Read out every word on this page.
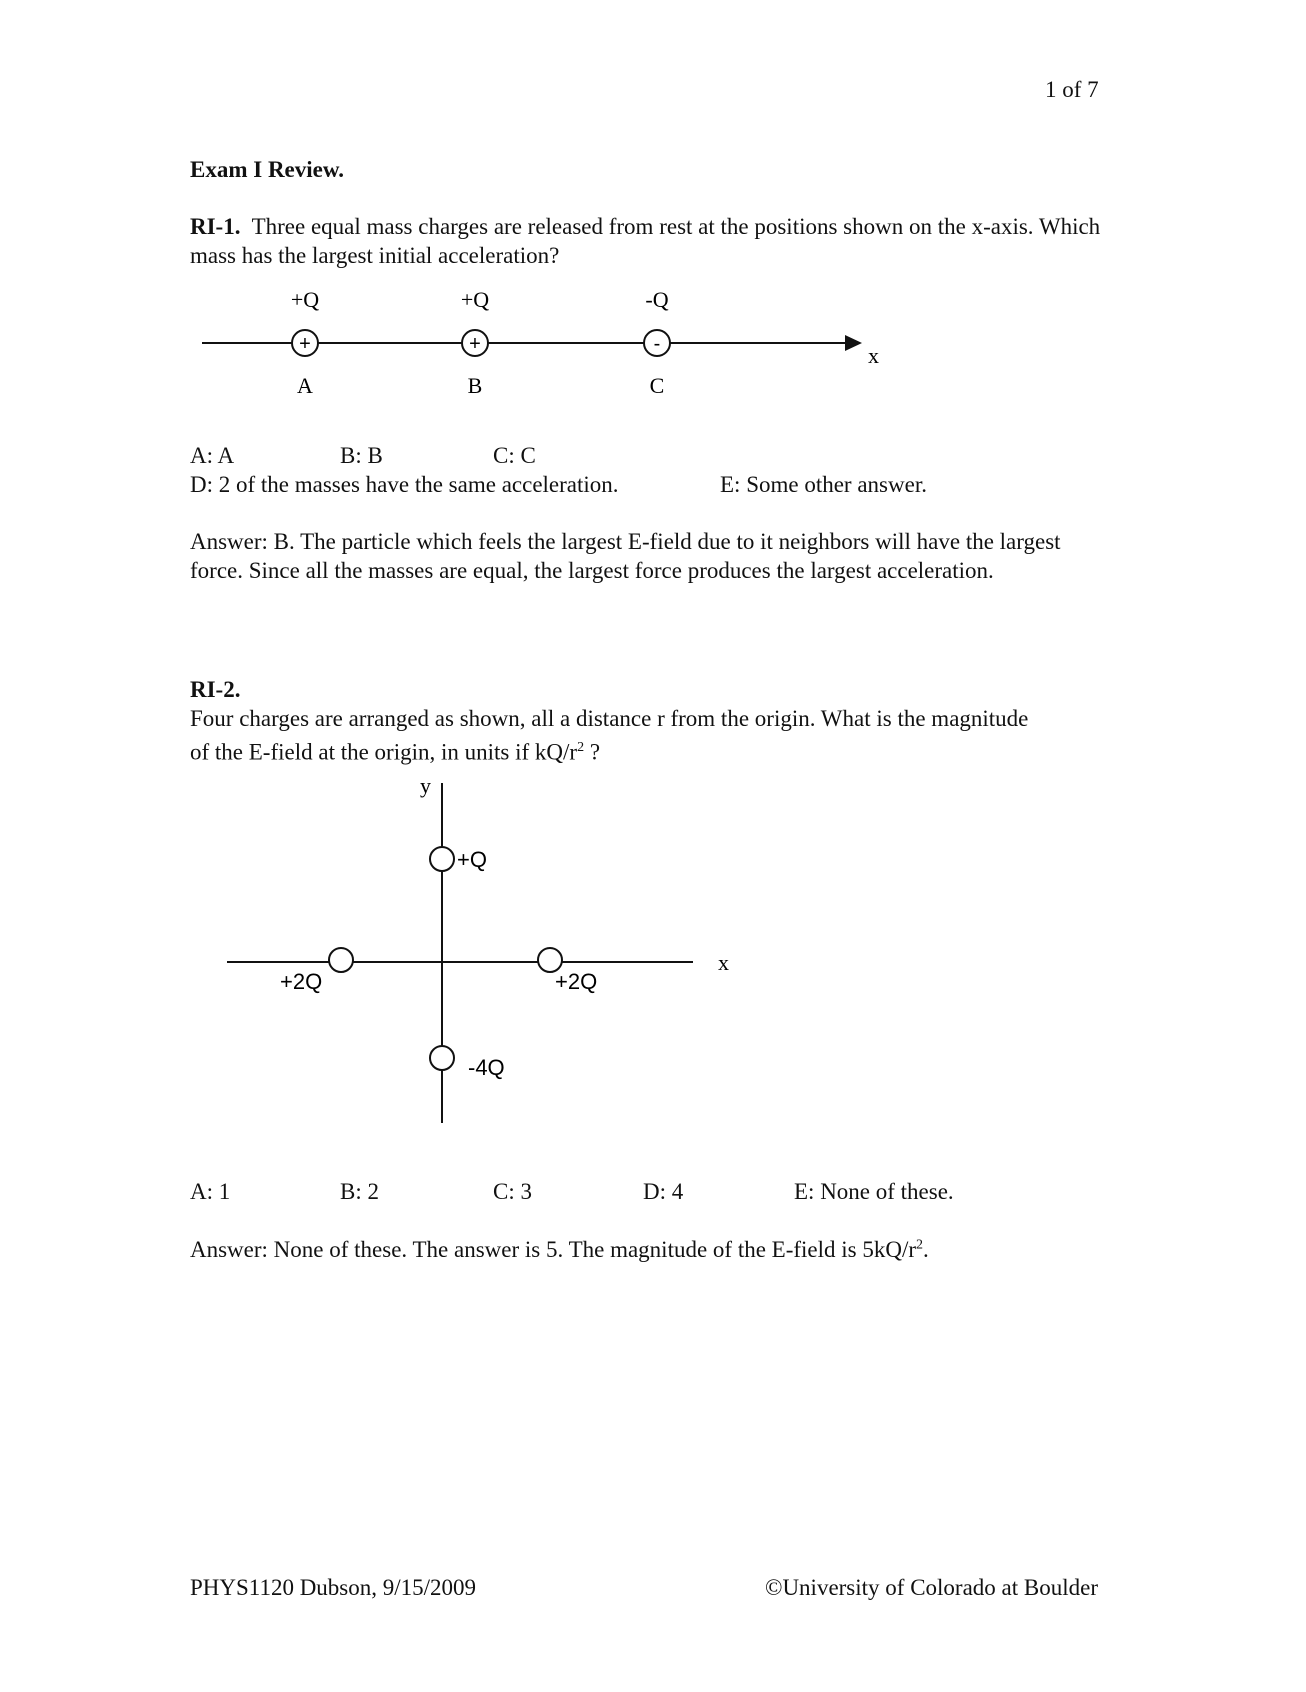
1 of 7
Exam I Review.
RI-1. Three equal mass charges are released from rest at the positions shown on the x-axis. Which mass has the largest initial acceleration?
x
+Q
+
A
+Q
+
B
-Q
-
C
A: A	B: B	C: C
D: 2 of the masses have the same acceleration.	E: Some other answer.
Answer: B. The particle which feels the largest E-field due to it neighbors will have the largest force. Since all the masses are equal, the largest force produces the largest acceleration.
RI-2.
Four charges are arranged as shown, all a distance r from the origin. What is the magnitude of the E-field at the origin, in units if $kQ/r^2$ ?
y
x
+Q
+2Q	+2Q
-4Q
A: 1	B: 2	C: 3	D: 4	E: None of these.
Answer: None of these. The answer is 5. The magnitude of the E-field is $5kQ/r^2$.
PHYS1120 Dubson, 9/15/2009	©University of Colorado at Boulder
